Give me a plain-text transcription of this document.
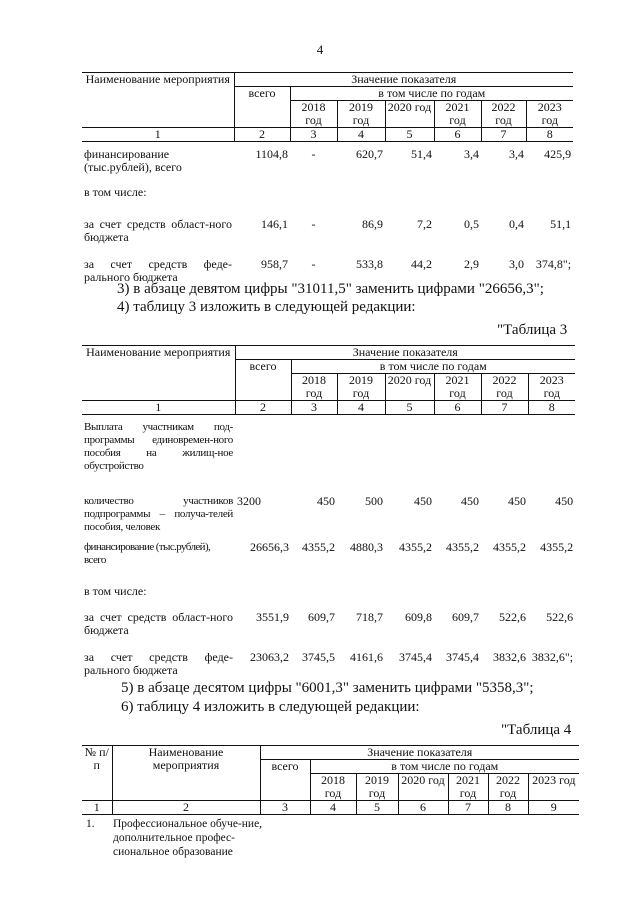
4
Наименование мероприятия	Значение показателя						
	всего	в том числе по годам					
		2018 год	2019 год	2020 год	2021 год	2022 год	2023 год
1	2	3	4	5	6	7	8
финансирование (тыс.рублей), всего	1104,8	-	620,7	51,4	3,4	3,4	425,9
в том числе:							
за счет средств област-ного бюджета	146,1	-	86,9	7,2	0,5	0,4	51,1
за счет средств феде-рального бюджета	958,7	-	533,8	44,2	2,9	3,0	374,8";
3) в абзаце девятом цифры "31011,5" заменить цифрами "26656,3";
4) таблицу 3 изложить в следующей редакции:
"Таблица 3
Наименование мероприятия	Значение показателя						
	всего	в том числе по годам					
		2018 год	2019 год	2020 год	2021 год	2022 год	2023 год
1	2	3	4	5	6	7	8
Выплата участникам под-программы единовремен-ного пособия на жилищ-ное обустройство							
количество участников подпрограммы – получа-телей пособия, человек	3200	450	500	450	450	450	450
финансирование (тыс.рублей), всего	26656,3	4355,2	4880,3	4355,2	4355,2	4355,2	4355,2
в том числе:							
за счет средств област-ного бюджета	3551,9	609,7	718,7	609,8	609,7	522,6	522,6
за счет средств феде-рального бюджета	23063,2	3745,5	4161,6	3745,4	3745,4	3832,6	3832,6";
5) в абзаце десятом цифры "6001,3" заменить цифрами "5358,3";
6) таблицу 4 изложить в следующей редакции:
"Таблица 4
№ п/п	Наименование мероприятия	Значение показателя						
		всего	в том числе по годам					
			2018 год	2019 год	2020 год	2021 год	2022 год	2023 год
1	2	3	4	5	6	7	8	9
1.	Профессиональное обуче-ние, дополнительное профес-сиональное образование
